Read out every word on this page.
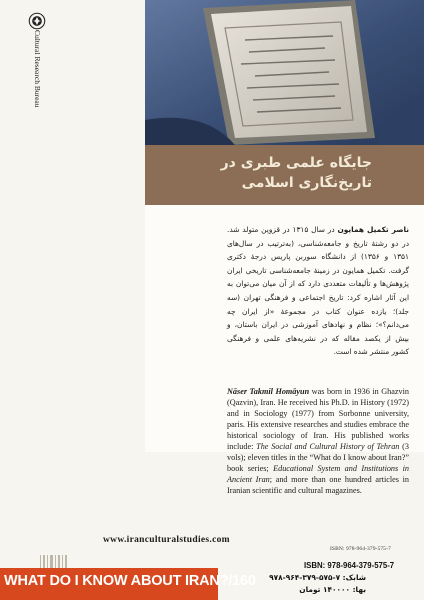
Cultural Research Bureau
جایگاه علمی طبری در
تاریخ‌نگاری اسلامی
ناصر تکمیل همایون در سال ۱۳۱۵ در قزوین متولد شد. در دو رشتهٔ تاریخ و جامعه‌شناسی، (به‌ترتیب در سال‌های ۱۳۵۱ و ۱۳۵۶) از دانشگاه سوربن پاریس درجهٔ دکتری گرفت. تکمیل همایون در زمینهٔ جامعه‌شناسی تاریخی ایران پژوهش‌ها و تألیفات متعددی دارد که از آن میان می‌توان به این آثار اشاره کرد: تاریخ اجتماعی و فرهنگی تهران (سه جلد)؛ یازده عنوان کتاب در مجموعهٔ «از ایران چه می‌دانم؟»؛ نظام و نهادهای آموزشی در ایران باستان، و بیش از یکصد مقاله که در نشریه‌های علمی و فرهنگی کشور منتشر شده است.
Nāser Takmil Homāyun was born in 1936 in Ghazvin (Qazvin), Iran. He received his Ph.D. in History (1972) and in Sociology (1977) from Sorbonne university, paris. His extensive researches and studies embrace the historical sociology of Iran. His published works include: The Social and Cultural History of Tehran (3 vols); eleven titles in the “What do I know about Iran?” book series; Educational System and Institutions in Ancient Iran; and more than one hundred articles in Iranian scientific and cultural magazines.
ISBN: 978-964-379-575-7
www.iranculturalstudies.com
WHAT DO I KNOW ABOUT IRAN?/160
ISBN: 978-964-379-575-7
شابک: ۷-۵۷۵-۳۷۹-۹۶۴-۹۷۸
بها: ۱۴۰۰۰۰ تومان
